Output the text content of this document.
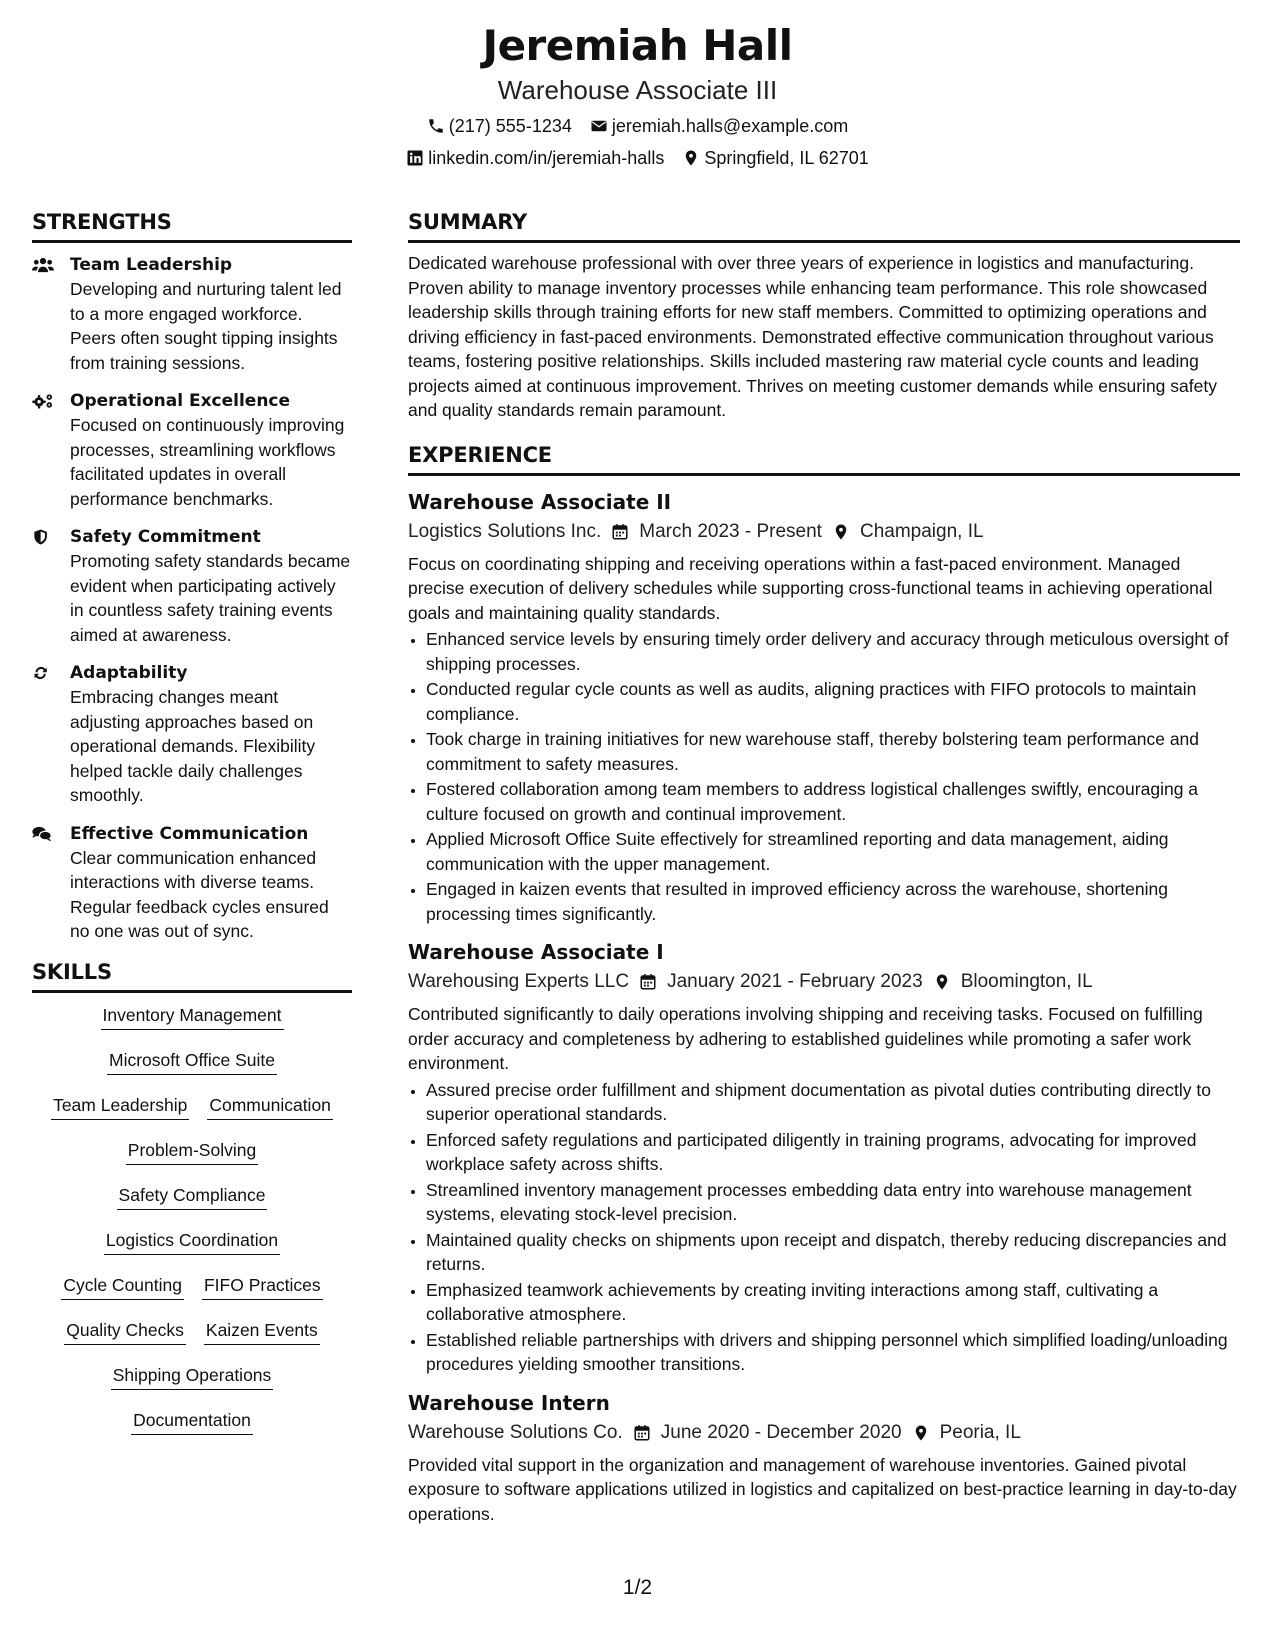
Jeremiah Hall
Warehouse Associate III
(217) 555-1234 jeremiah.halls@example.com
linkedin.com/in/jeremiah-halls Springfield, IL 62701
STRENGTHS
Team Leadership
Developing and nurturing talent led to a more engaged workforce. Peers often sought tipping insights from training sessions.
Operational Excellence
Focused on continuously improving processes, streamlining workflows facilitated updates in overall performance benchmarks.
Safety Commitment
Promoting safety standards became evident when participating actively in countless safety training events aimed at awareness.
Adaptability
Embracing changes meant adjusting approaches based on operational demands. Flexibility helped tackle daily challenges smoothly.
Effective Communication
Clear communication enhanced interactions with diverse teams. Regular feedback cycles ensured no one was out of sync.
SKILLS
Inventory Management
Microsoft Office Suite
Team Leadership Communication
Problem-Solving
Safety Compliance
Logistics Coordination
Cycle Counting FIFO Practices
Quality Checks Kaizen Events
Shipping Operations
Documentation
SUMMARY
Dedicated warehouse professional with over three years of experience in logistics and manufacturing. Proven ability to manage inventory processes while enhancing team performance. This role showcased leadership skills through training efforts for new staff members. Committed to optimizing operations and driving efficiency in fast-paced environments. Demonstrated effective communication throughout various teams, fostering positive relationships. Skills included mastering raw material cycle counts and leading projects aimed at continuous improvement. Thrives on meeting customer demands while ensuring safety and quality standards remain paramount.
EXPERIENCE
Warehouse Associate II
Logistics Solutions Inc. March 2023 - Present Champaign, IL
Focus on coordinating shipping and receiving operations within a fast-paced environment. Managed precise execution of delivery schedules while supporting cross-functional teams in achieving operational goals and maintaining quality standards.
• Enhanced service levels by ensuring timely order delivery and accuracy through meticulous oversight of shipping processes.
• Conducted regular cycle counts as well as audits, aligning practices with FIFO protocols to maintain compliance.
• Took charge in training initiatives for new warehouse staff, thereby bolstering team performance and commitment to safety measures.
• Fostered collaboration among team members to address logistical challenges swiftly, encouraging a culture focused on growth and continual improvement.
• Applied Microsoft Office Suite effectively for streamlined reporting and data management, aiding communication with the upper management.
• Engaged in kaizen events that resulted in improved efficiency across the warehouse, shortening processing times significantly.
Warehouse Associate I
Warehousing Experts LLC January 2021 - February 2023 Bloomington, IL
Contributed significantly to daily operations involving shipping and receiving tasks. Focused on fulfilling order accuracy and completeness by adhering to established guidelines while promoting a safer work environment.
• Assured precise order fulfillment and shipment documentation as pivotal duties contributing directly to superior operational standards.
• Enforced safety regulations and participated diligently in training programs, advocating for improved workplace safety across shifts.
• Streamlined inventory management processes embedding data entry into warehouse management systems, elevating stock-level precision.
• Maintained quality checks on shipments upon receipt and dispatch, thereby reducing discrepancies and returns.
• Emphasized teamwork achievements by creating inviting interactions among staff, cultivating a collaborative atmosphere.
• Established reliable partnerships with drivers and shipping personnel which simplified loading/unloading procedures yielding smoother transitions.
Warehouse Intern
Warehouse Solutions Co. June 2020 - December 2020 Peoria, IL
Provided vital support in the organization and management of warehouse inventories. Gained pivotal exposure to software applications utilized in logistics and capitalized on best-practice learning in day-to-day operations.
1/2
